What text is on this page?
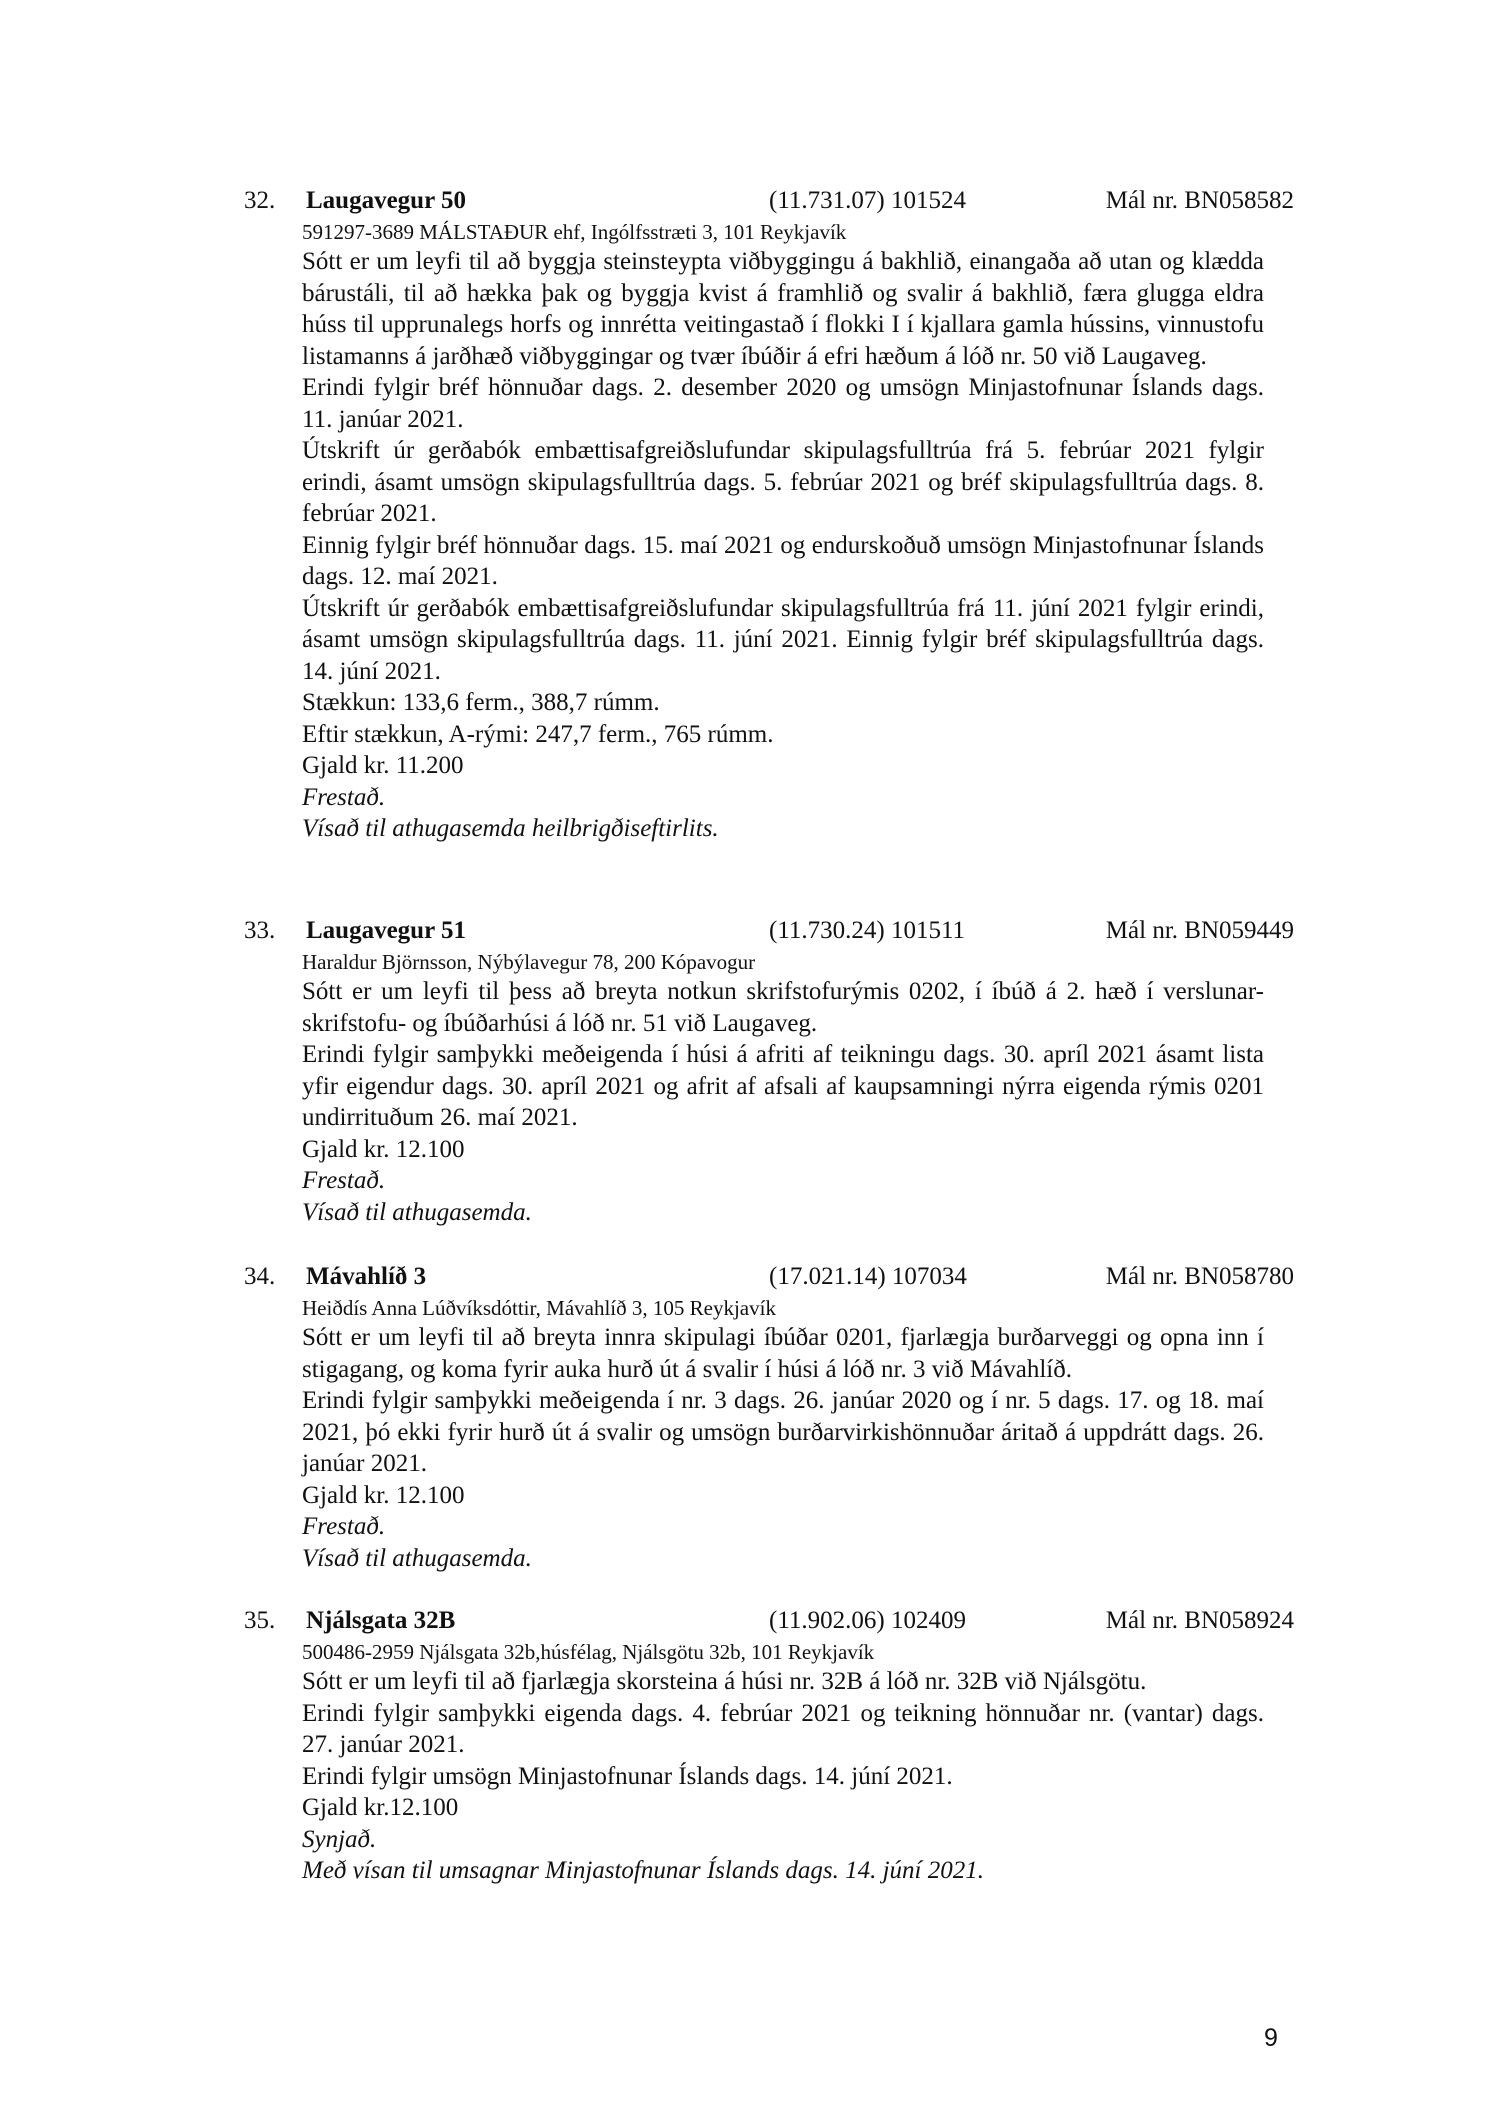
32. Laugavegur 50	(11.731.07) 101524	Mál nr. BN058582
591297-3689 MÁLSTAÐUR ehf, Ingólfsstræti 3, 101 Reykjavík

Sótt er um leyfi til að byggja steinsteypta viðbyggingu á bakhlið, einangaða að utan og klædda bárustáli, til að hækka þak og byggja kvist á framhlið og svalir á bakhlið, færa glugga eldra húss til upprunalegs horfs og innrétta veitingastað í flokki I í kjallara gamla hússins, vinnustofu listamanns á jarðhæð viðbyggingar og tvær íbúðir á efri hæðum á lóð nr. 50 við Laugaveg.

Erindi fylgir bréf hönnuðar dags. 2. desember 2020 og umsögn Minjastofnunar Íslands dags. 11. janúar 2021.

Útskrift úr gerðabók embættisafgreiðslufundar skipulagsfulltrúa frá 5. febrúar 2021 fylgir erindi, ásamt umsögn skipulagsfulltrúa dags. 5. febrúar 2021 og bréf skipulagsfulltrúa dags. 8. febrúar 2021.

Einnig fylgir bréf hönnuðar dags. 15. maí 2021 og endurskoðuð umsögn Minjastofnunar Íslands dags. 12. maí 2021.

Útskrift úr gerðabók embættisafgreiðslufundar skipulagsfulltrúa frá 11. júní 2021 fylgir erindi, ásamt umsögn skipulagsfulltrúa dags. 11. júní 2021. Einnig fylgir bréf skipulagsfulltrúa dags. 14. júní 2021.

Stækkun: 133,6 ferm., 388,7 rúmm.

Eftir stækkun, A-rými: 247,7 ferm., 765 rúmm.

Gjald kr. 11.200

Frestað.

Vísað til athugasemda heilbrigðiseftirlits.

33. Laugavegur 51	(11.730.24) 101511	Mál nr. BN059449
Haraldur Björnsson, Nýbýlavegur 78, 200 Kópavogur

Sótt er um leyfi til þess að breyta notkun skrifstofurýmis 0202, í íbúð á 2. hæð í verslunar- skrifstofu- og íbúðarhúsi á lóð nr. 51 við Laugaveg.

Erindi fylgir samþykki meðeigenda í húsi á afriti af teikningu dags. 30. apríl 2021 ásamt lista yfir eigendur dags. 30. apríl 2021 og afrit af afsali af kaupsamningi nýrra eigenda rýmis 0201 undirrituðum 26. maí 2021.

Gjald kr. 12.100

Frestað.

Vísað til athugasemda.

34. Mávahlíð 3	(17.021.14) 107034	Mál nr. BN058780
Heiðdís Anna Lúðvíksdóttir, Mávahlíð 3, 105 Reykjavík

Sótt er um leyfi til að breyta innra skipulagi íbúðar 0201, fjarlægja burðarveggi og opna inn í stigagang, og koma fyrir auka hurð út á svalir í húsi á lóð nr. 3 við Mávahlíð.

Erindi fylgir samþykki meðeigenda í nr. 3 dags. 26. janúar 2020 og í nr. 5 dags. 17. og 18. maí 2021, þó ekki fyrir hurð út á svalir og umsögn burðarvirkishönnuðar áritað á uppdrátt dags. 26. janúar 2021.

Gjald kr. 12.100

Frestað.

Vísað til athugasemda.

35. Njálsgata 32B	(11.902.06) 102409	Mál nr. BN058924
500486-2959 Njálsgata 32b,húsfélag, Njálsgötu 32b, 101 Reykjavík

Sótt er um leyfi til að fjarlægja skorsteina á húsi nr. 32B á lóð nr. 32B við Njálsgötu.

Erindi fylgir samþykki eigenda dags. 4. febrúar 2021 og teikning hönnuðar nr. (vantar) dags. 27. janúar 2021.

Erindi fylgir umsögn Minjastofnunar Íslands dags. 14. júní 2021.

Gjald kr.12.100

Synjað.

Með vísan til umsagnar Minjastofnunar Íslands dags. 14. júní 2021.

9
